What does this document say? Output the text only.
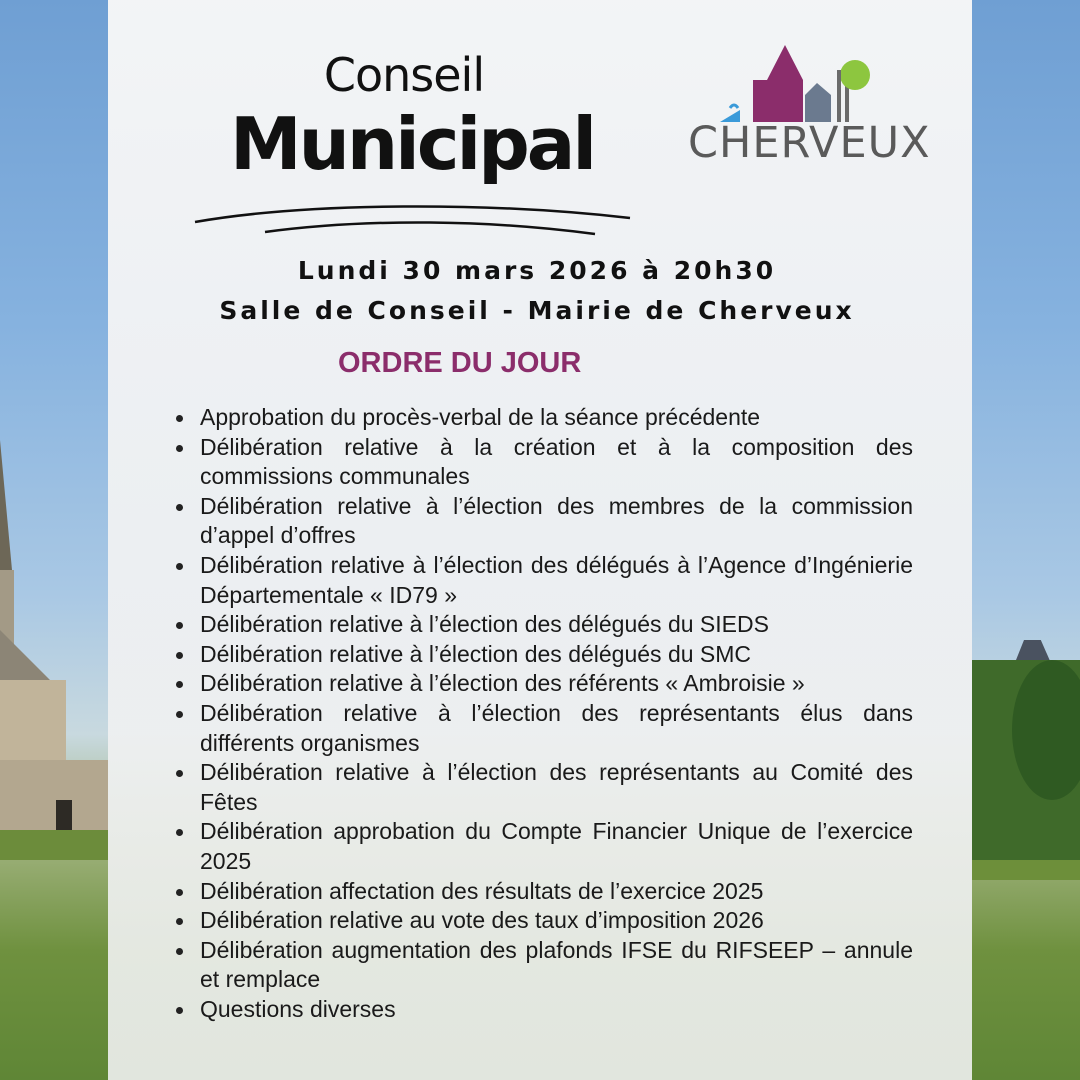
Conseil
Municipal	CHERVEUX
Lundi 30 mars 2026 à 20h30
Salle de Conseil - Mairie de Cherveux
ORDRE DU JOUR
Approbation du procès-verbal de la séance précédente
Délibération relative à la création et à la composition des commissions communales
Délibération relative à l’élection des membres de la commission d’appel d’offres
Délibération relative à l’élection des délégués à l’Agence d’Ingénierie Départementale « ID79 »
Délibération relative à l’élection des délégués du SIEDS
Délibération relative à l’élection des délégués du SMC
Délibération relative à l’élection des référents « Ambroisie »
Délibération relative à l’élection des représentants élus dans différents organismes
Délibération relative à l’élection des représentants au Comité des Fêtes
Délibération approbation du Compte Financier Unique de l’exercice 2025
Délibération affectation des résultats de l’exercice 2025
Délibération relative au vote des taux d’imposition 2026
Délibération augmentation des plafonds IFSE du RIFSEEP – annule et remplace
Questions diverses
